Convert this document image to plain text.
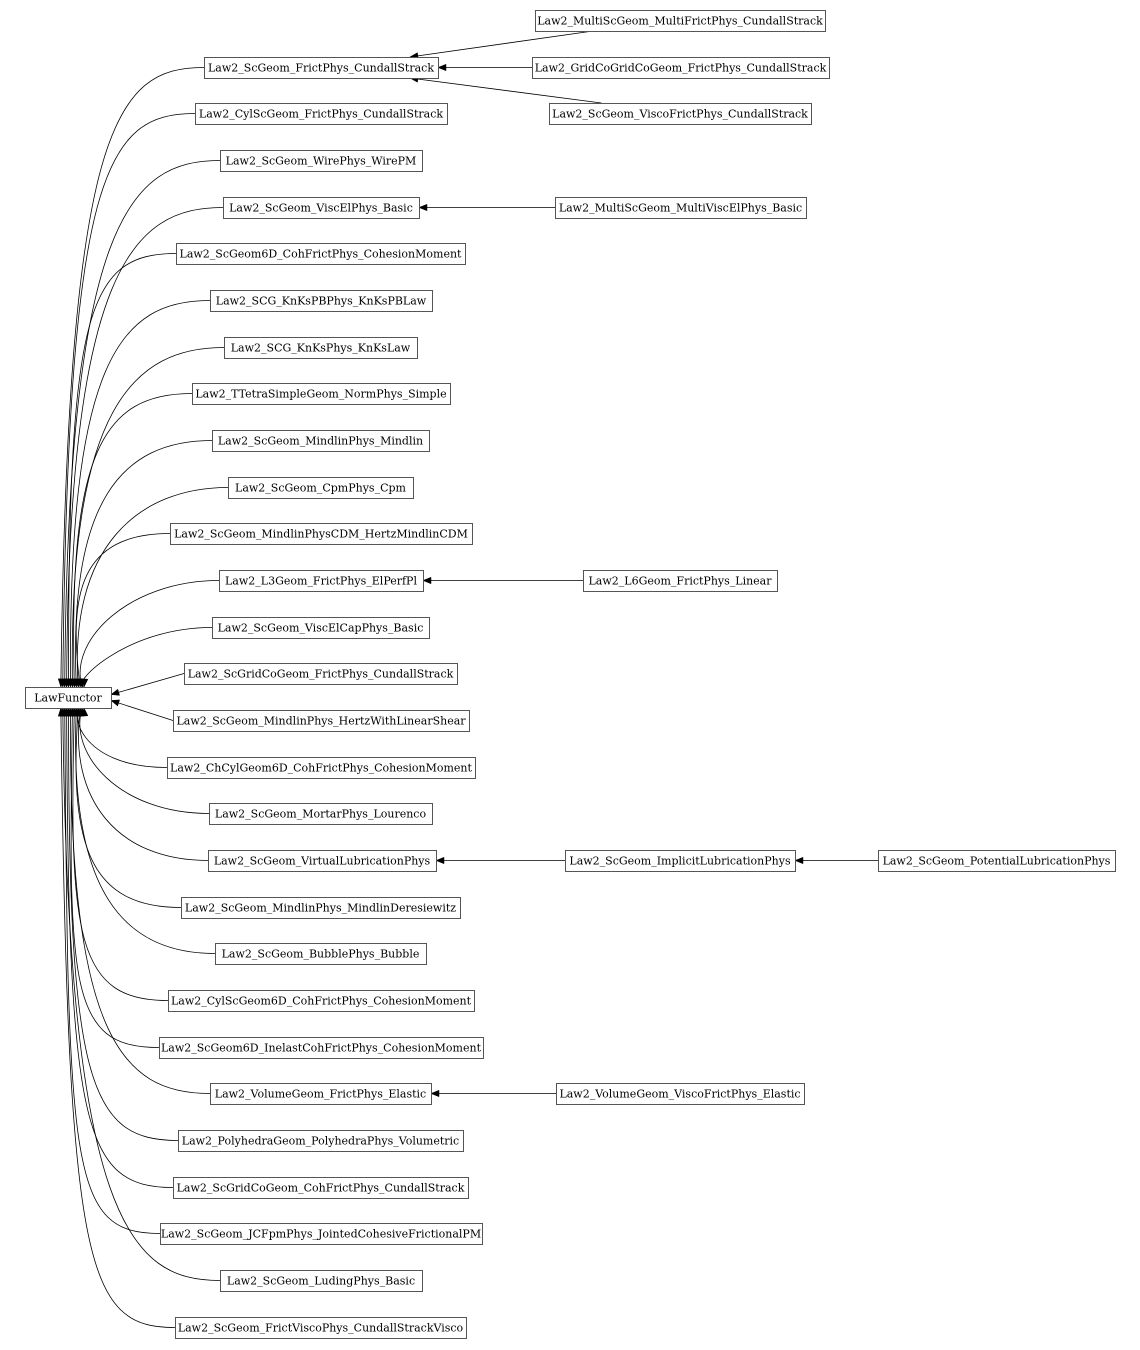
LawFunctor
Law2_ScGeom_FrictPhys_CundallStrack
Law2_CylScGeom_FrictPhys_CundallStrack
Law2_ScGeom_WirePhys_WirePM
Law2_ScGeom_ViscElPhys_Basic
Law2_ScGeom6D_CohFrictPhys_CohesionMoment
Law2_SCG_KnKsPBPhys_KnKsPBLaw
Law2_SCG_KnKsPhys_KnKsLaw
Law2_TTetraSimpleGeom_NormPhys_Simple
Law2_ScGeom_MindlinPhys_Mindlin
Law2_ScGeom_CpmPhys_Cpm
Law2_ScGeom_MindlinPhysCDM_HertzMindlinCDM
Law2_L3Geom_FrictPhys_ElPerfPl
Law2_ScGeom_ViscElCapPhys_Basic
Law2_ScGridCoGeom_FrictPhys_CundallStrack
Law2_ScGeom_MindlinPhys_HertzWithLinearShear
Law2_ChCylGeom6D_CohFrictPhys_CohesionMoment
Law2_ScGeom_MortarPhys_Lourenco
Law2_ScGeom_VirtualLubricationPhys
Law2_ScGeom_MindlinPhys_MindlinDeresiewitz
Law2_ScGeom_BubblePhys_Bubble
Law2_CylScGeom6D_CohFrictPhys_CohesionMoment
Law2_ScGeom6D_InelastCohFrictPhys_CohesionMoment
Law2_VolumeGeom_FrictPhys_Elastic
Law2_PolyhedraGeom_PolyhedraPhys_Volumetric
Law2_ScGridCoGeom_CohFrictPhys_CundallStrack
Law2_ScGeom_JCFpmPhys_JointedCohesiveFrictionalPM
Law2_ScGeom_LudingPhys_Basic
Law2_ScGeom_FrictViscoPhys_CundallStrackVisco
Law2_MultiScGeom_MultiFrictPhys_CundallStrack
Law2_GridCoGridCoGeom_FrictPhys_CundallStrack
Law2_ScGeom_ViscoFrictPhys_CundallStrack
Law2_MultiScGeom_MultiViscElPhys_Basic
Law2_L6Geom_FrictPhys_Linear
Law2_ScGeom_ImplicitLubricationPhys
Law2_VolumeGeom_ViscoFrictPhys_Elastic
Law2_ScGeom_PotentialLubricationPhys
